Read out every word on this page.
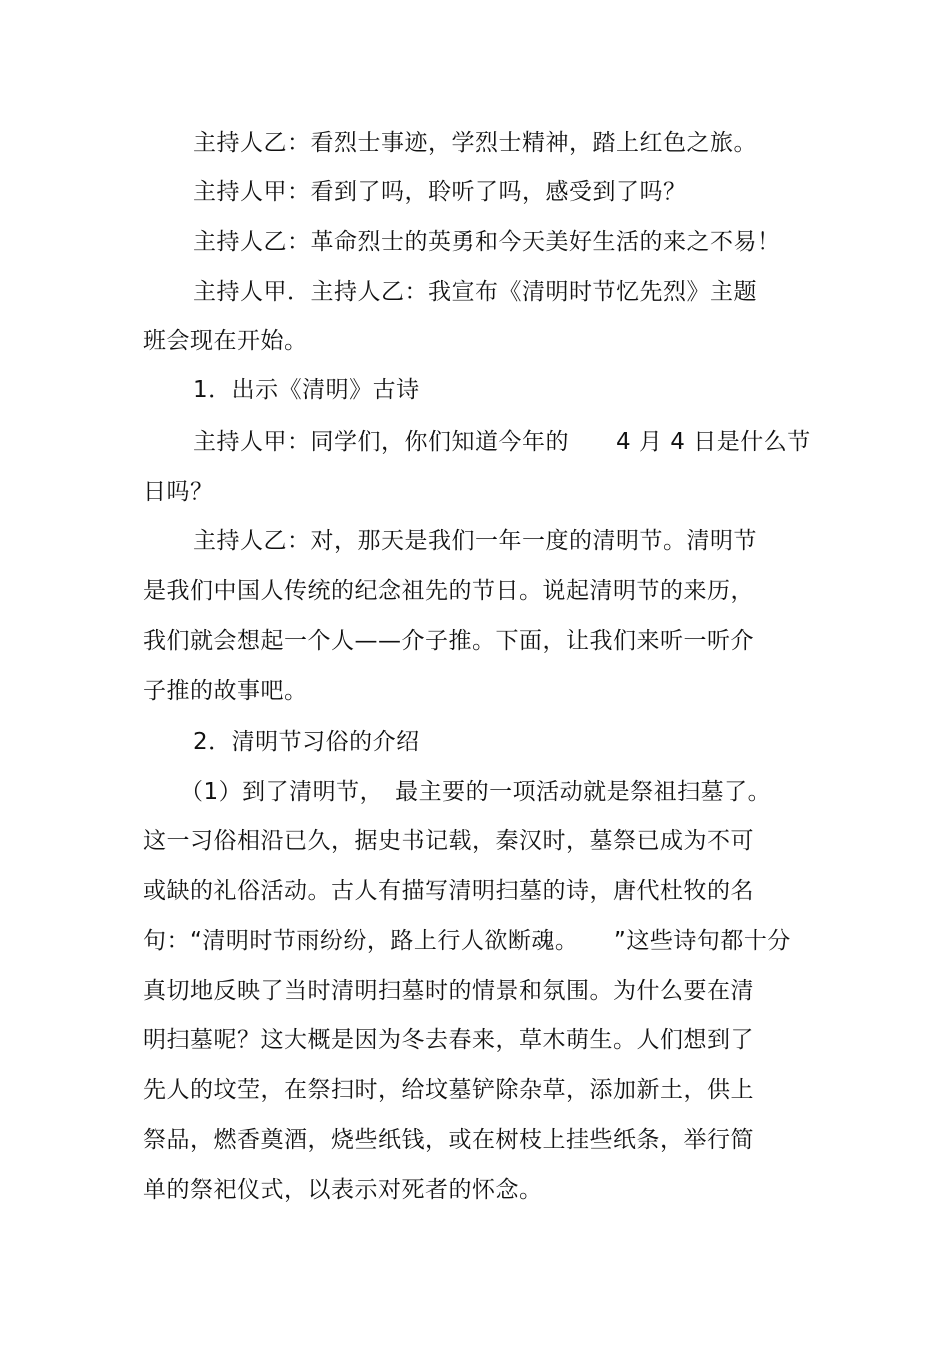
主持人乙：看烈士事迹，学烈士精神，踏上红色之旅。
主持人甲：看到了吗，聆听了吗，感受到了吗？
主持人乙：革命烈士的英勇和今天美好生活的来之不易！
主持人甲．主持人乙：我宣布《清明时节忆先烈》主题
班会现在开始。
1．出示《清明》古诗
主持人甲：同学们，你们知道今年的　　4 月 4 日是什么节
日吗？
主持人乙：对，那天是我们一年一度的清明节。清明节
是我们中国人传统的纪念祖先的节日。说起清明节的来历，
我们就会想起一个人——介子推。下面，让我们来听一听介
子推的故事吧。
2．清明节习俗的介绍
（1）到了清明节，　最主要的一项活动就是祭祖扫墓了。
这一习俗相沿已久，据史书记载，秦汉时，墓祭已成为不可
或缺的礼俗活动。古人有描写清明扫墓的诗，唐代杜牧的名
句：“清明时节雨纷纷，路上行人欲断魂。　　”这些诗句都十分
真切地反映了当时清明扫墓时的情景和氛围。为什么要在清
明扫墓呢？这大概是因为冬去春来，草木萌生。人们想到了
先人的坟茔，在祭扫时，给坟墓铲除杂草，添加新土，供上
祭品，燃香奠酒，烧些纸钱，或在树枝上挂些纸条，举行简
单的祭祀仪式，以表示对死者的怀念。
